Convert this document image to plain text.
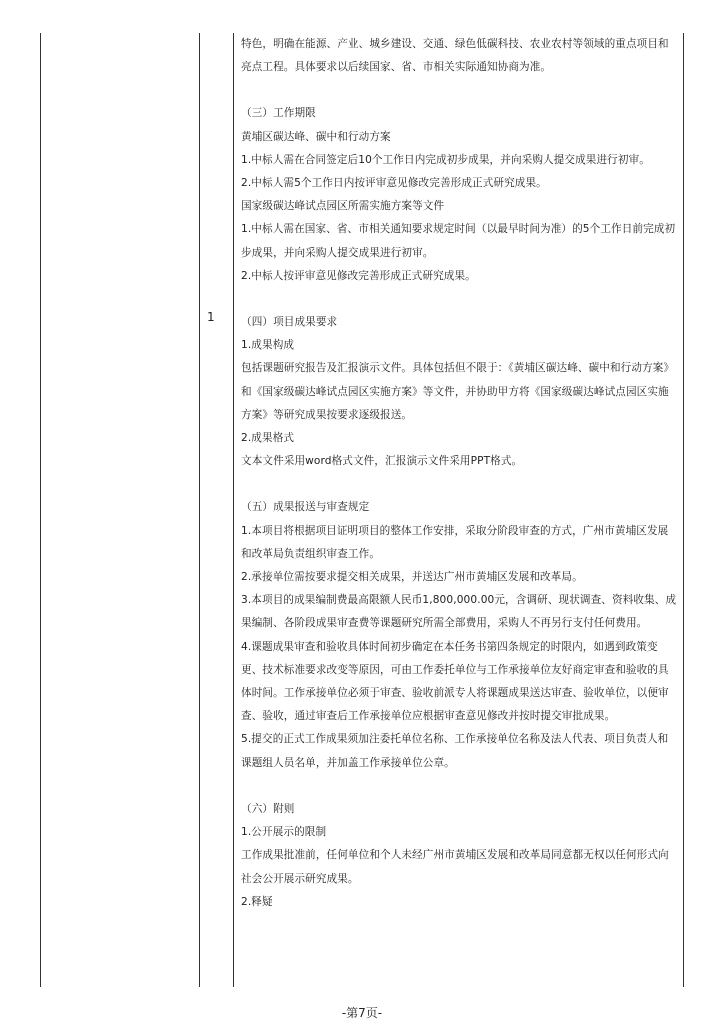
1

特色，明确在能源、产业、城乡建设、交通、绿色低碳科技、农业农村等领域的重点项目和亮点工程。具体要求以后续国家、省、市相关实际通知协商为准。

（三）工作期限

黄埔区碳达峰、碳中和行动方案

1.中标人需在合同签定后10个工作日内完成初步成果，并向采购人提交成果进行初审。

2.中标人需5个工作日内按评审意见修改完善形成正式研究成果。

国家级碳达峰试点园区所需实施方案等文件

1.中标人需在国家、省、市相关通知要求规定时间（以最早时间为准）的5个工作日前完成初步成果，并向采购人提交成果进行初审。

2.中标人按评审意见修改完善形成正式研究成果。

（四）项目成果要求

1.成果构成

包括课题研究报告及汇报演示文件。具体包括但不限于：《黄埔区碳达峰、碳中和行动方案》和《国家级碳达峰试点园区实施方案》等文件，并协助甲方将《国家级碳达峰试点园区实施方案》等研究成果按要求逐级报送。

2.成果格式

文本文件采用word格式文件，汇报演示文件采用PPT格式。

（五）成果报送与审查规定

1.本项目将根据项目证明项目的整体工作安排，采取分阶段审查的方式，广州市黄埔区发展和改革局负责组织审查工作。

2.承接单位需按要求提交相关成果，并送达广州市黄埔区发展和改革局。

3.本项目的成果编制费最高限额人民币1,800,000.00元，含调研、现状调查、资料收集、成果编制、各阶段成果审查费等课题研究所需全部费用，采购人不再另行支付任何费用。

4.课题成果审查和验收具体时间初步确定在本任务书第四条规定的时限内，如遇到政策变更、技术标准要求改变等原因，可由工作委托单位与工作承接单位友好商定审查和验收的具体时间。工作承接单位必须于审查、验收前派专人将课题成果送达审查、验收单位，以便审查、验收，通过审查后工作承接单位应根据审查意见修改并按时提交审批成果。

5.提交的正式工作成果须加注委托单位名称、工作承接单位名称及法人代表、项目负责人和课题组人员名单，并加盖工作承接单位公章。

（六）附则

1.公开展示的限制

工作成果批准前，任何单位和个人未经广州市黄埔区发展和改革局同意都无权以任何形式向社会公开展示研究成果。

2.释疑

-第7页-
